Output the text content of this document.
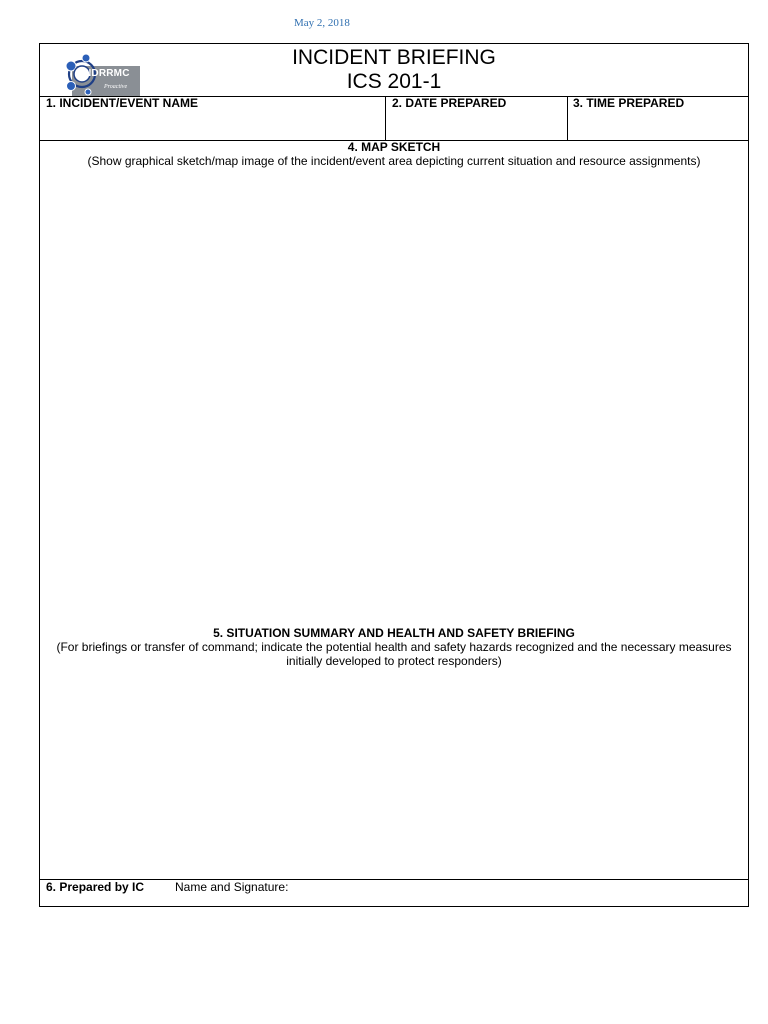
May 2, 2018
NDRRMC
Proactive
INCIDENT BRIEFING
ICS 201-1
1. INCIDENT/EVENT NAME	2. DATE PREPARED	3. TIME PREPARED
4. MAP SKETCH
(Show graphical sketch/map image of the incident/event area depicting current situation and resource assignments)
5. SITUATION SUMMARY AND HEALTH AND SAFETY BRIEFING
(For briefings or transfer of command; indicate the potential health and safety hazards recognized and the necessary measures initially developed to protect responders)
6. Prepared by IC	Name and Signature:
